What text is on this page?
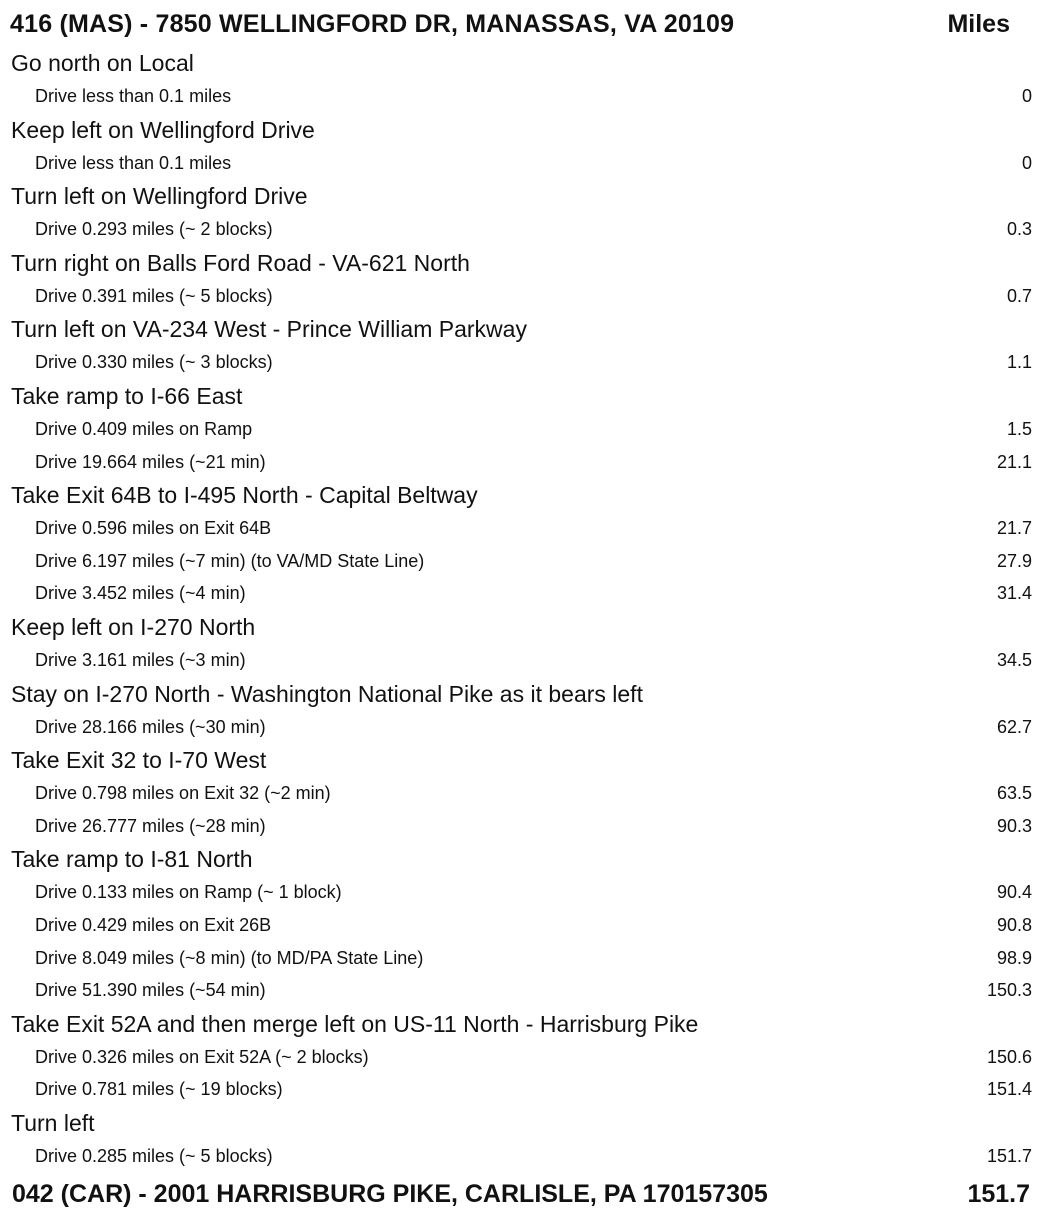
416 (MAS) - 7850 WELLINGFORD DR, MANASSAS, VA 20109	Miles
Go north on Local
Drive less than 0.1 miles	0
Keep left on Wellingford Drive
Drive less than 0.1 miles	0
Turn left on Wellingford Drive
Drive 0.293 miles (~ 2 blocks)	0.3
Turn right on Balls Ford Road - VA-621 North
Drive 0.391 miles (~ 5 blocks)	0.7
Turn left on VA-234 West - Prince William Parkway
Drive 0.330 miles (~ 3 blocks)	1.1
Take ramp to I-66 East
Drive 0.409 miles on Ramp	1.5
Drive 19.664 miles (~21 min)	21.1
Take Exit 64B to I-495 North - Capital Beltway
Drive 0.596 miles on Exit 64B	21.7
Drive 6.197 miles (~7 min) (to VA/MD State Line)	27.9
Drive 3.452 miles (~4 min)	31.4
Keep left on I-270 North
Drive 3.161 miles (~3 min)	34.5
Stay on I-270 North - Washington National Pike as it bears left
Drive 28.166 miles (~30 min)	62.7
Take Exit 32 to I-70 West
Drive 0.798 miles on Exit 32 (~2 min)	63.5
Drive 26.777 miles (~28 min)	90.3
Take ramp to I-81 North
Drive 0.133 miles on Ramp (~ 1 block)	90.4
Drive 0.429 miles on Exit 26B	90.8
Drive 8.049 miles (~8 min) (to MD/PA State Line)	98.9
Drive 51.390 miles (~54 min)	150.3
Take Exit 52A and then merge left on US-11 North - Harrisburg Pike
Drive 0.326 miles on Exit 52A (~ 2 blocks)	150.6
Drive 0.781 miles (~ 19 blocks)	151.4
Turn left
Drive 0.285 miles (~ 5 blocks)	151.7
042 (CAR) - 2001 HARRISBURG PIKE, CARLISLE, PA 170157305	151.7
